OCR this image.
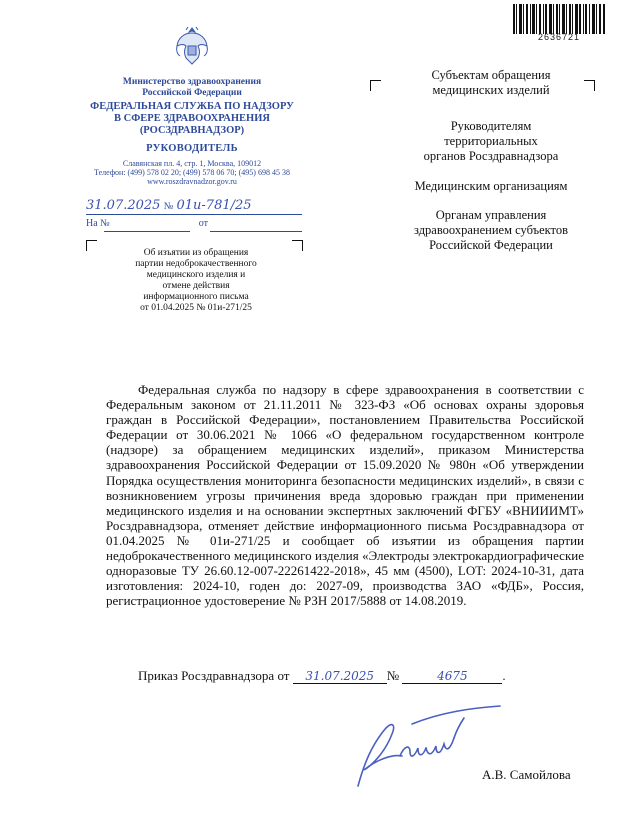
2636721
Министерство здравоохранения
Российской Федерации
ФЕДЕРАЛЬНАЯ СЛУЖБА ПО НАДЗОРУ
В СФЕРЕ ЗДРАВООХРАНЕНИЯ
(РОСЗДРАВНАДЗОР)
РУКОВОДИТЕЛЬ
Славянская пл. 4, стр. 1, Москва, 109012
Телефон: (499) 578 02 20; (499) 578 06 70; (495) 698 45 38
www.roszdravnadzor.gov.ru
31.07.2025 № 01и-781/25
На №	от
Об изъятии из обращения
партии недоброкачественного
медицинского изделия и
отмене действия
информационного письма
от 01.04.2025 № 01и-271/25
Субъектам обращения
медицинских изделий
Руководителям
территориальных
органов Росздравнадзора
Медицинским организациям
Органам управления
здравоохранением субъектов
Российской Федерации
Федеральная служба по надзору в сфере здравоохранения в соответствии с Федеральным законом от 21.11.2011 № 323-ФЗ «Об основах охраны здоровья граждан в Российской Федерации», постановлением Правительства Российской Федерации от 30.06.2021 № 1066 «О федеральном государственном контроле (надзоре) за обращением медицинских изделий», приказом Министерства здравоохранения Российской Федерации от 15.09.2020 № 980н «Об утверждении Порядка осуществления мониторинга безопасности медицинских изделий», в связи с возникновением угрозы причинения вреда здоровью граждан при применении медицинского изделия и на основании экспертных заключений ФГБУ «ВНИИИМТ» Росздравнадзора, отменяет действие информационного письма Росздравнадзора от 01.04.2025 № 01и-271/25 и сообщает об изъятии из обращения партии недоброкачественного медицинского изделия «Электроды электрокардиографические одноразовые ТУ 26.60.12-007-22261422-2018», 45 мм (4500), LOT: 2024-10-31, дата изготовления: 2024-10, годен до: 2027-09, производства ЗАО «ФДБ», Россия, регистрационное удостоверение № РЗН 2017/5888 от 14.08.2019.
Приказ Росздравнадзора от 31.07.2025 №	4675	.
А.В. Самойлова
